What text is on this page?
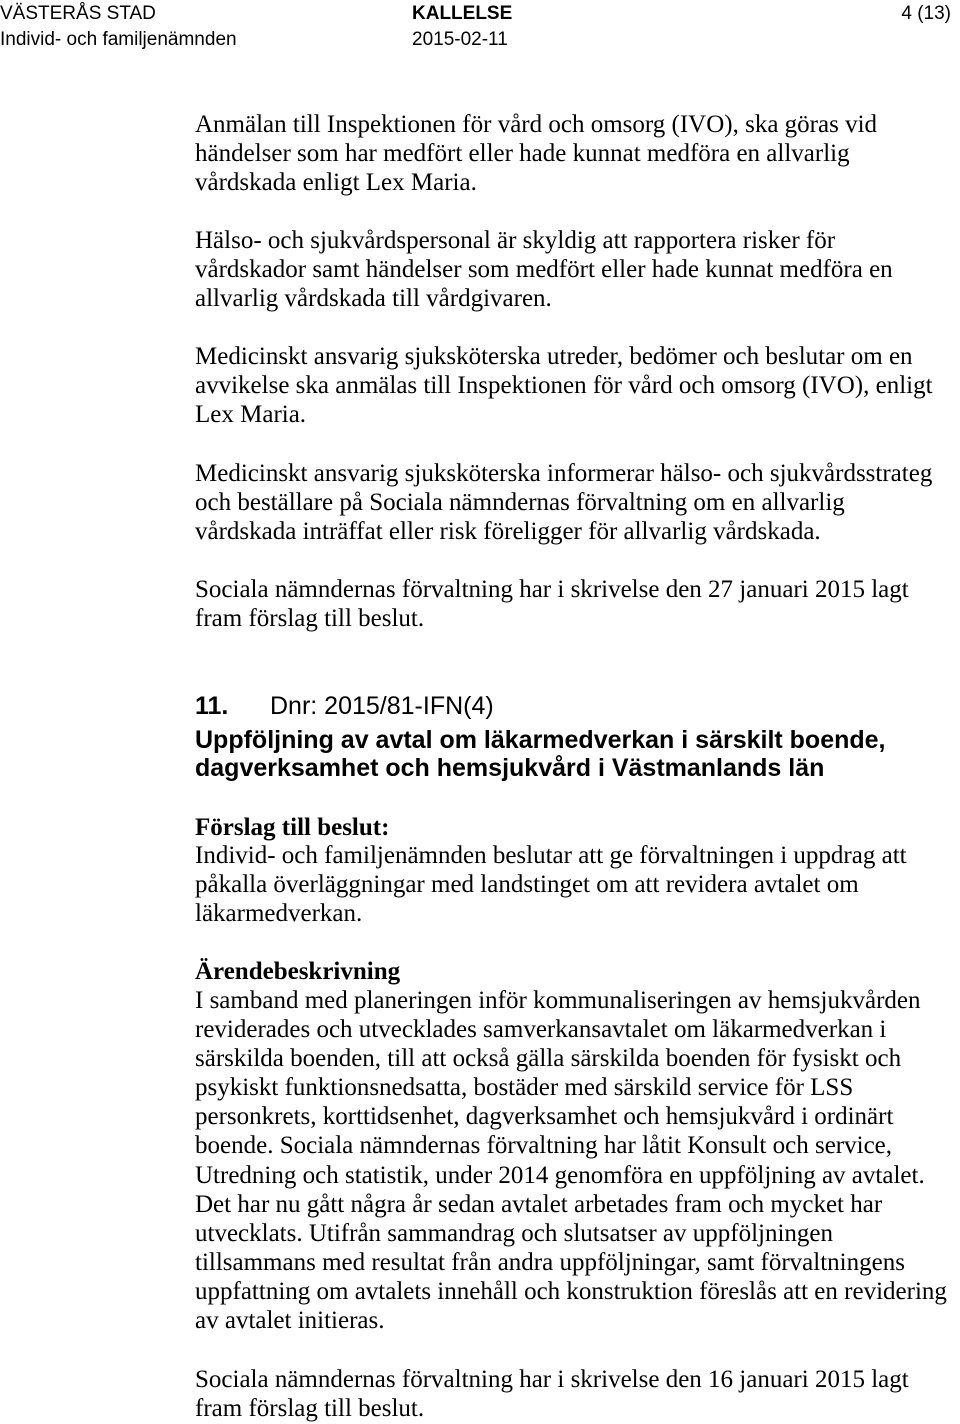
VÄSTERÅS STAD
Individ- och familjenämnden
KALLELSE
2015-02-11
4 (13)
Anmälan till Inspektionen för vård och omsorg (IVO), ska göras vid
händelser som har medfört eller hade kunnat medföra en allvarlig
vårdskada enligt Lex Maria.
Hälso- och sjukvårdspersonal är skyldig att rapportera risker för
vårdskador samt händelser som medfört eller hade kunnat medföra en
allvarlig vårdskada till vårdgivaren.
Medicinskt ansvarig sjuksköterska utreder, bedömer och beslutar om en
avvikelse ska anmälas till Inspektionen för vård och omsorg (IVO), enligt
Lex Maria.
Medicinskt ansvarig sjuksköterska informerar hälso- och sjukvårdsstrateg
och beställare på Sociala nämndernas förvaltning om en allvarlig
vårdskada inträffat eller risk föreligger för allvarlig vårdskada.
Sociala nämndernas förvaltning har i skrivelse den 27 januari 2015 lagt
fram förslag till beslut.
11. Dnr: 2015/81-IFN(4)
Uppföljning av avtal om läkarmedverkan i särskilt boende,
dagverksamhet och hemsjukvård i Västmanlands län
Förslag till beslut:
Individ- och familjenämnden beslutar att ge förvaltningen i uppdrag att
påkalla överläggningar med landstinget om att revidera avtalet om
läkarmedverkan.
Ärendebeskrivning
I samband med planeringen inför kommunaliseringen av hemsjukvården
reviderades och utvecklades samverkansavtalet om läkarmedverkan i
särskilda boenden, till att också gälla särskilda boenden för fysiskt och
psykiskt funktionsnedsatta, bostäder med särskild service för LSS
personkrets, korttidsenhet, dagverksamhet och hemsjukvård i ordinärt
boende. Sociala nämndernas förvaltning har låtit Konsult och service,
Utredning och statistik, under 2014 genomföra en uppföljning av avtalet.
Det har nu gått några år sedan avtalet arbetades fram och mycket har
utvecklats. Utifrån sammandrag och slutsatser av uppföljningen
tillsammans med resultat från andra uppföljningar, samt förvaltningens
uppfattning om avtalets innehåll och konstruktion föreslås att en revidering
av avtalet initieras.
Sociala nämndernas förvaltning har i skrivelse den 16 januari 2015 lagt
fram förslag till beslut.
